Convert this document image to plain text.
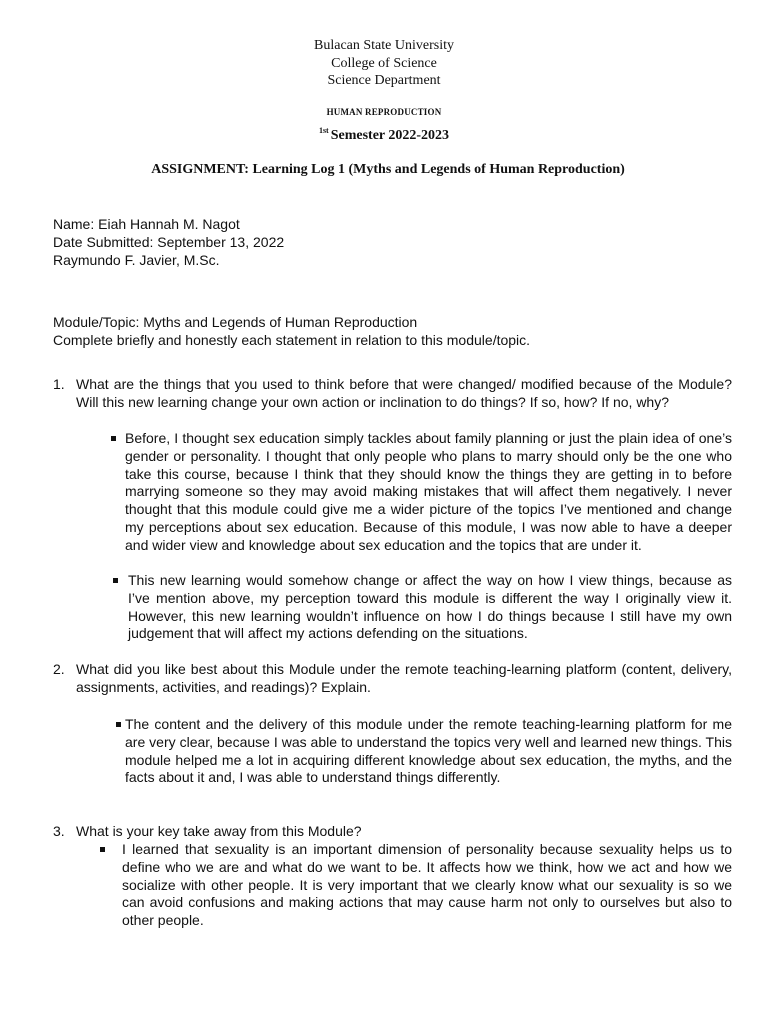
Bulacan State University
College of Science
Science Department
HUMAN REPRODUCTION
$^{1st}$ Semester 2022-2023
ASSIGNMENT: Learning Log 1 (Myths and Legends of Human Reproduction)
Name: Eiah Hannah M. Nagot
Date Submitted: September 13, 2022
Raymundo F. Javier, M.Sc.
Module/Topic: Myths and Legends of Human Reproduction
Complete briefly and honestly each statement in relation to this module/topic.
1. What are the things that you used to think before that were changed/ modified because of the Module? Will this new learning change your own action or inclination to do things? If so, how? If no, why?
Before, I thought sex education simply tackles about family planning or just the plain idea of one’s gender or personality. I thought that only people who plans to marry should only be the one who take this course, because I think that they should know the things they are getting in to before marrying someone so they may avoid making mistakes that will affect them negatively. I never thought that this module could give me a wider picture of the topics I’ve mentioned and change my perceptions about sex education. Because of this module, I was now able to have a deeper and wider view and knowledge about sex education and the topics that are under it.
This new learning would somehow change or affect the way on how I view things, because as I’ve mention above, my perception toward this module is different the way I originally view it. However, this new learning wouldn’t influence on how I do things because I still have my own judgement that will affect my actions defending on the situations.
2. What did you like best about this Module under the remote teaching-learning platform (content, delivery, assignments, activities, and readings)? Explain.
The content and the delivery of this module under the remote teaching-learning platform for me are very clear, because I was able to understand the topics very well and learned new things. This module helped me a lot in acquiring different knowledge about sex education, the myths, and the facts about it and, I was able to understand things differently.
3. What is your key take away from this Module?
I learned that sexuality is an important dimension of personality because sexuality helps us to define who we are and what do we want to be. It affects how we think, how we act and how we socialize with other people. It is very important that we clearly know what our sexuality is so we can avoid confusions and making actions that may cause harm not only to ourselves but also to other people.
